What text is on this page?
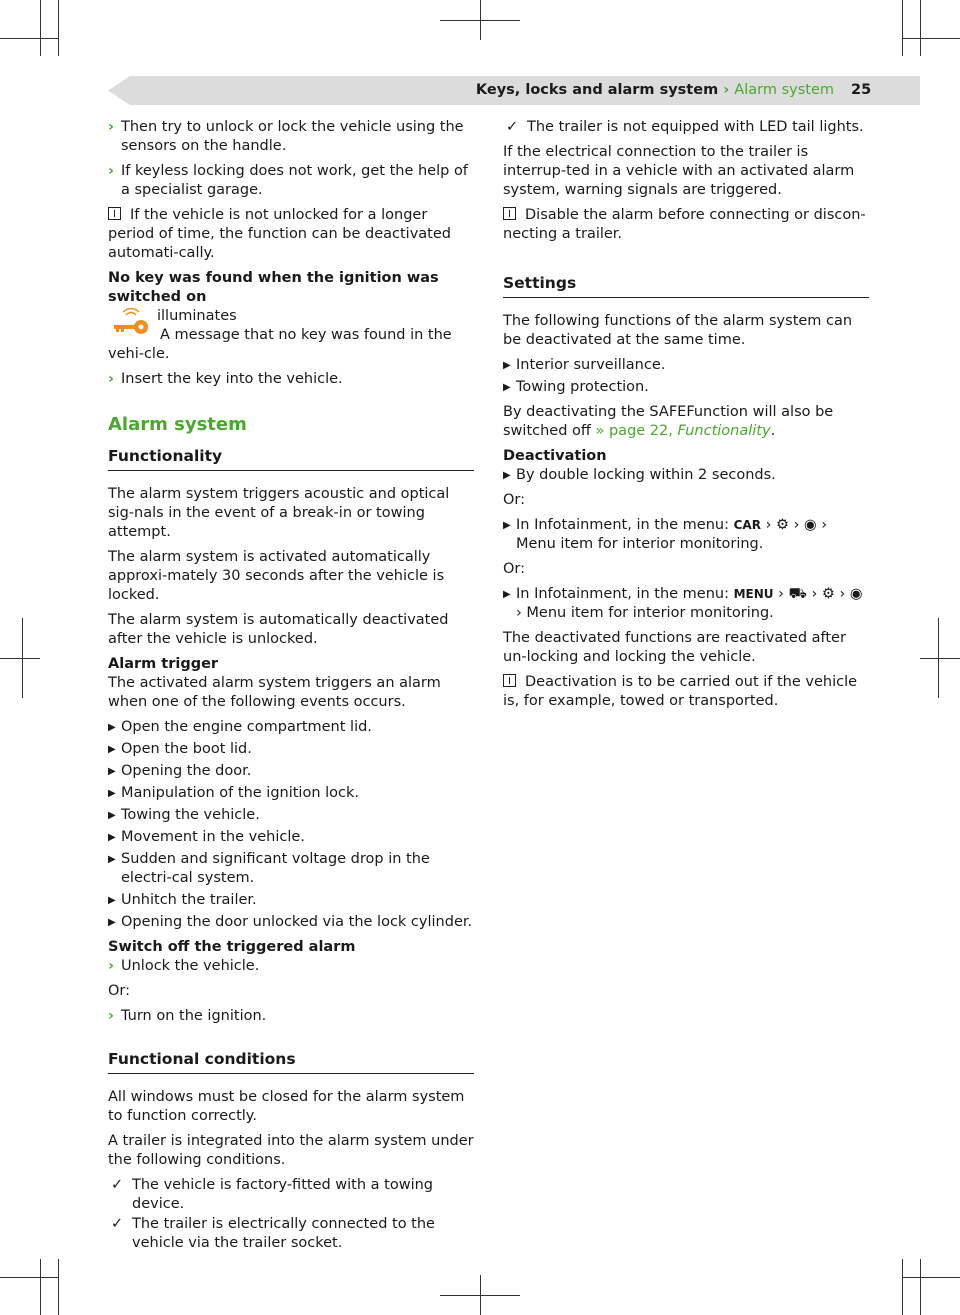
Keys, locks and alarm system › Alarm system 25
› Then try to unlock or lock the vehicle using the sensors on the handle.
› If keyless locking does not work, get the help of a specialist garage.

If the vehicle is not unlocked for a longer period of time, the function can be deactivated automati-cally.

No key was found when the ignition was switched on

illuminates

A message that no key was found in the vehi-cle.

› Insert the key into the vehicle.
Alarm system
Functionality

The alarm system triggers acoustic and optical sig-nals in the event of a break-in or towing attempt.

The alarm system is activated automatically approxi-mately 30 seconds after the vehicle is locked.

The alarm system is automatically deactivated after the vehicle is unlocked.

Alarm trigger

The activated alarm system triggers an alarm when one of the following events occurs.

▶ Open the engine compartment lid.
▶ Open the boot lid.
▶ Opening the door.
▶ Manipulation of the ignition lock.
▶ Towing the vehicle.
▶ Movement in the vehicle.
▶ Sudden and significant voltage drop in the electri-cal system.
▶ Unhitch the trailer.
▶ Opening the door unlocked via the lock cylinder.
Switch off the triggered alarm
› Unlock the vehicle.

Or:

› Turn on the ignition.
Functional conditions

All windows must be closed for the alarm system to function correctly.

A trailer is integrated into the alarm system under the following conditions.

✓ The vehicle is factory-fitted with a towing device.
✓ The trailer is electrically connected to the vehicle via the trailer socket.
✓ The trailer is not equipped with LED tail lights.

If the electrical connection to the trailer is interrup-ted in a vehicle with an activated alarm system, warning signals are triggered.

Disable the alarm before connecting or discon-necting a trailer.

Settings

The following functions of the alarm system can be deactivated at the same time.

▶ Interior surveillance.
▶ Towing protection.

By deactivating the SAFEFunction will also be switched off » page 22, Functionality.

Deactivation
▶ By double locking within 2 seconds.

Or:

▶ In Infotainment, in the menu: CAR › ⚙ › ◉ › Menu item for interior monitoring.

Or:

▶ In Infotainment, in the menu: MENU › ⛟ › ⚙ › ◉ › Menu item for interior monitoring.

The deactivated functions are reactivated after un-locking and locking the vehicle.

Deactivation is to be carried out if the vehicle is, for example, towed or transported.
